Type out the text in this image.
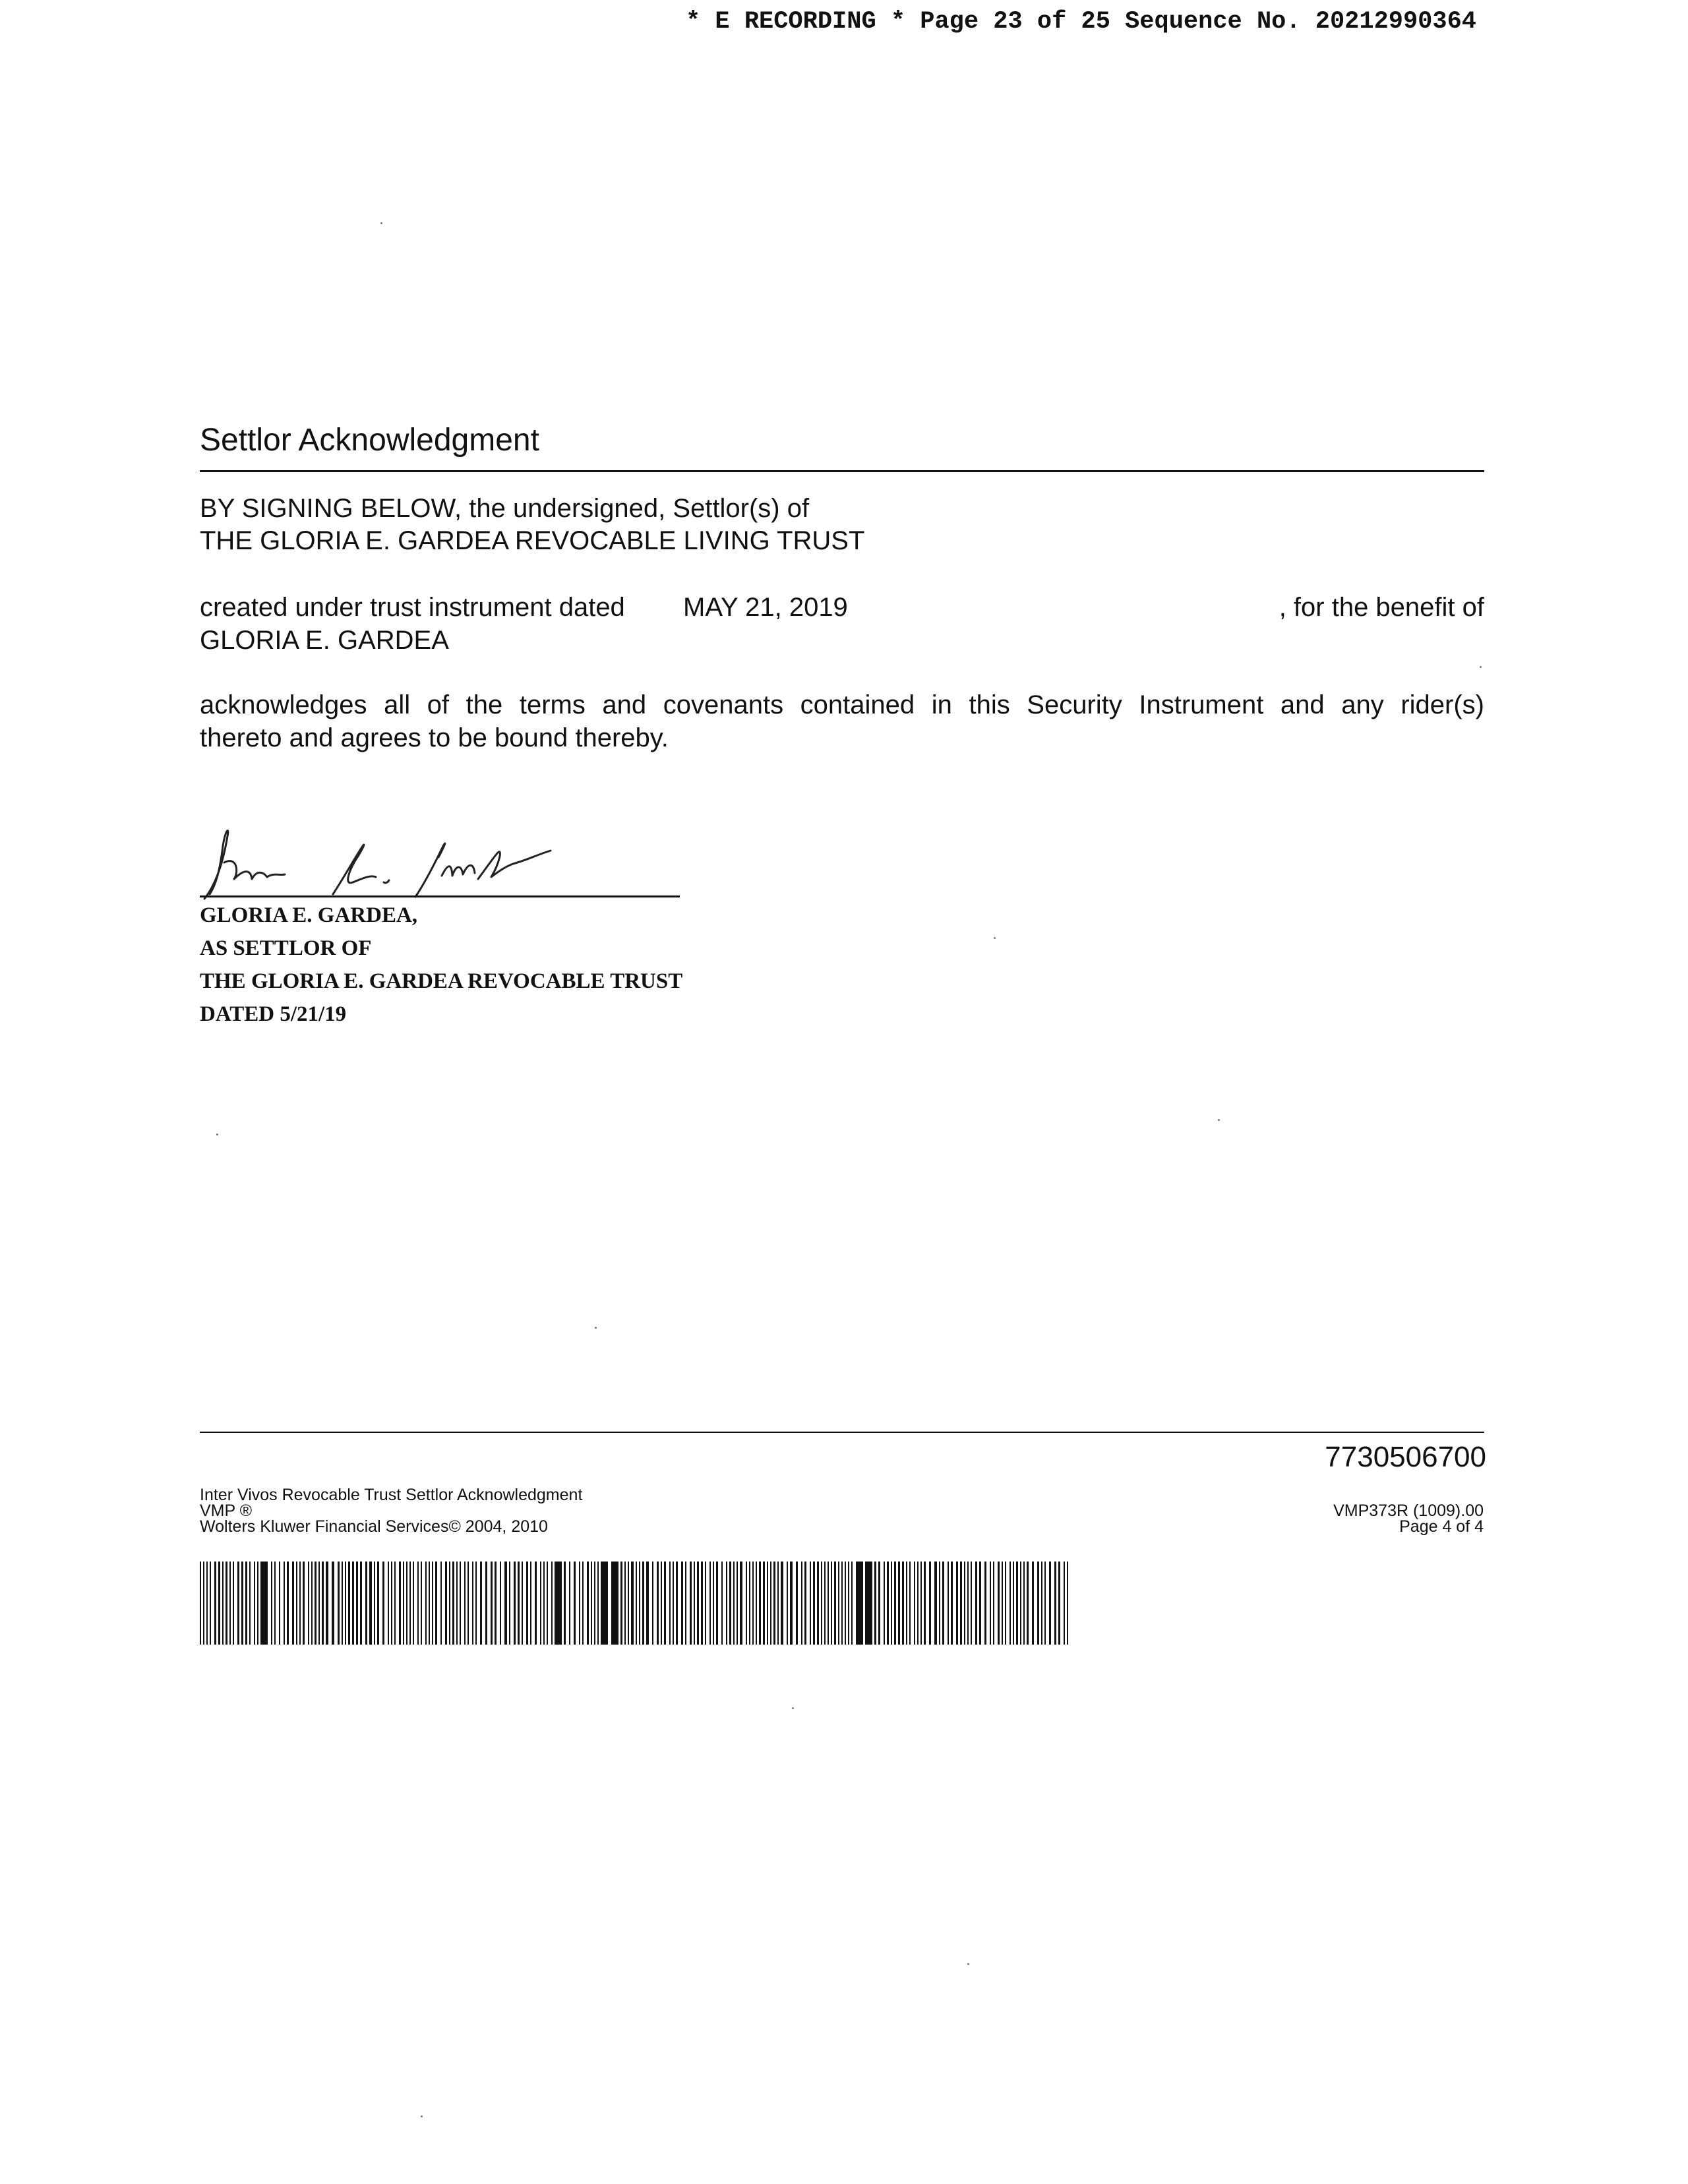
* E RECORDING * Page 23 of 25 Sequence No. 20212990364
Settlor Acknowledgment
BY SIGNING BELOW, the undersigned, Settlor(s) of
THE GLORIA E. GARDEA REVOCABLE LIVING TRUST
created under trust instrument dated MAY 21, 2019	, for the benefit of
GLORIA E. GARDEA
acknowledges all of the terms and covenants contained in this Security Instrument and any rider(s)
thereto and agrees to be bound thereby.
GLORIA E. GARDEA,
AS SETTLOR OF
THE GLORIA E. GARDEA REVOCABLE TRUST
DATED 5/21/19
7730506700
Inter Vivos Revocable Trust Settlor Acknowledgment
VMP ®
Wolters Kluwer Financial Services© 2004, 2010
VMP373R (1009).00
Page 4 of 4
